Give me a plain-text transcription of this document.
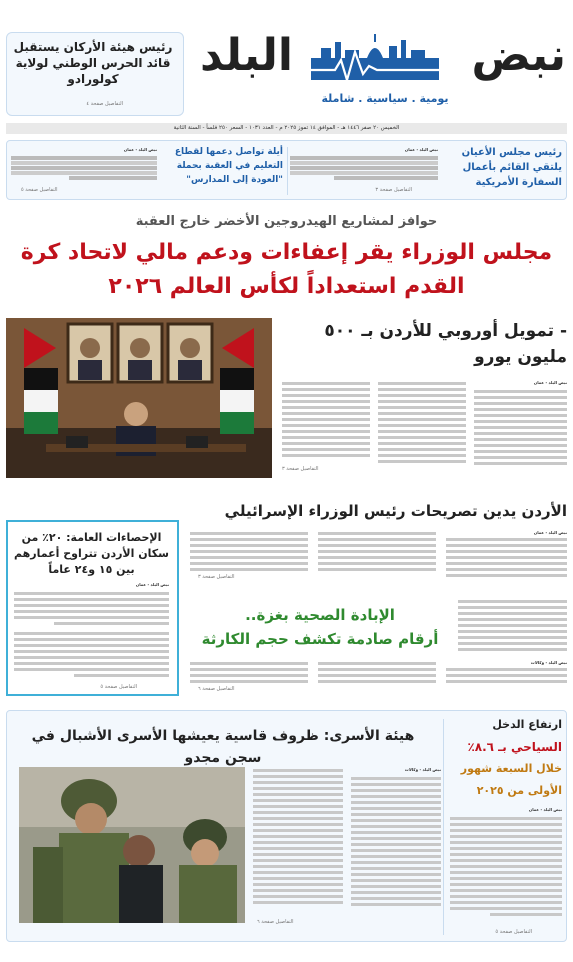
نبض
البلد
يومية . سياسية . شاملة
رئيس هيئة الأركان يستقبل قائد الحرس الوطني لولاية كولورادو
التفاصيل صفحة ٤
الخميس ٢٠ صفر ١٤٤٦ هـ - الموافق ١٤ تموز ٢٠٢٥ م - العدد ١٠٣١ - السعر ٢٥٠ فلساً - السنة الثانية
رئيس مجلس الأعيان يلتقي القائم بأعمال السفارة الأمريكية
نبض البلد - عمان
التفاصيل صفحة ٣
أيلة تواصل دعمها لقطاع التعليم في العقبة بحملة "العودة إلى المدارس"
نبض البلد - عمان
التفاصيل صفحة ٥
حوافز لمشاريع الهيدروجين الأخضر خارج العقبة
مجلس الوزراء يقر إعفاءات ودعم مالي لاتحاد كرة القدم استعداداً لكأس العالم ٢٠٢٦
- تمويل أوروبي للأردن بـ ٥٠٠ مليون يورو
نبض البلد - عمان
التفاصيل صفحة ٣
الإحصاءات العامة: ٢٠٪ من سكان الأردن تتراوح أعمارهم بين ١٥ و٢٤ عاماً
نبض البلد - عمان
التفاصيل صفحة ٥
الأردن يدين تصريحات رئيس الوزراء الإسرائيلي
نبض البلد - عمان
التفاصيل صفحة ٣
الإبادة الصحية بغزة..
أرقام صادمة تكشف حجم الكارثة
نبض البلد - وكالات
التفاصيل صفحة ٦
ارتفاع الدخل
السياحي بـ ٨.٦٪
خلال السبعة شهور
الأولى من ٢٠٢٥
نبض البلد - عمان
التفاصيل صفحة ٥
هيئة الأسرى: ظروف قاسية يعيشها الأسرى الأشبال في سجن مجدو
نبض البلد - وكالات
التفاصيل صفحة ٦
